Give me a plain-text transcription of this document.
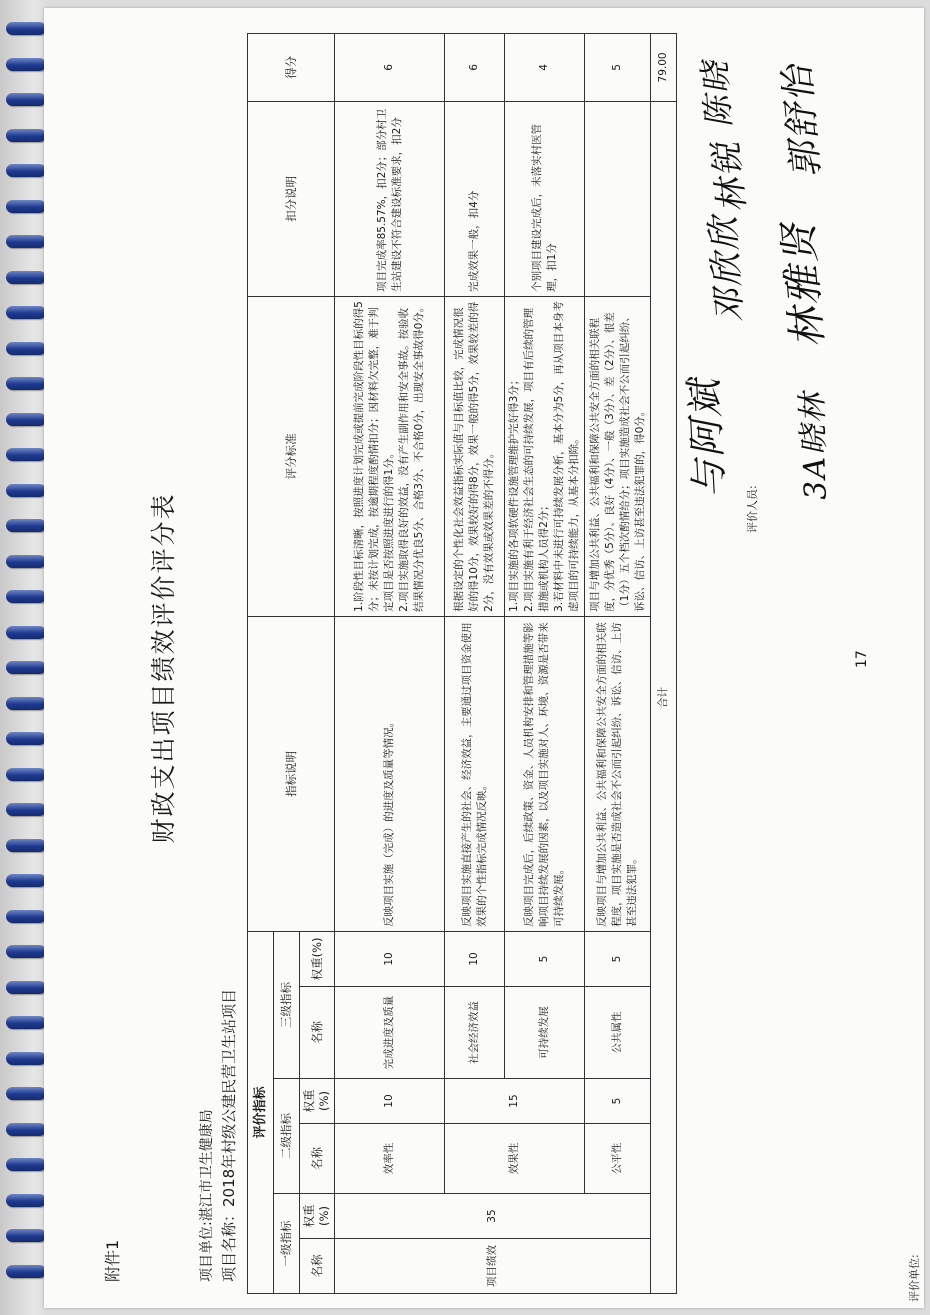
附件1
财政支出项目绩效评价评分表
项目单位:湛江市卫生健康局 项目名称：2018年村级公建民营卫生站项目 评价指标						指标说明	评分标准	扣分说明	得分
一级指标		二级指标		三级指标					
名称	权重(%)	名称	权重(%)	名称	权重(%)				
项目绩效	35	效率性	10	完成进度及质量	10	反映项目实施（完成）的进度及质量等情况。	1.阶段性目标清晰，按照进度计划完成或提前完成阶段性目标的得5分；未按计划完成，按逾期程度酌情扣分；因材料欠完整，难于判定项目是否按照进度进行的得1分。
2.项目实施取得良好的效益，没有产生副作用和安全事故。按验收结果情况分优良5分、合格3分、不合格0分，出现安全事故得0分。	项目完成率85.57%，扣2分；部分村卫生站建设不符合建设标准要求，扣2分	6
		效果性	15	社会经济效益	10	反映项目实施直接产生的社会、经济效益，主要通过项目资金使用效果的个性指标完成情况反映。	根据设定的个性化社会效益指标实际值与目标值比较，完成情况很好的得10分，效果较好的得8分，效果一般的得5分，效果较差的得2分，没有效果或效果差的不得分。	完成效果一般，扣4分	6
				可持续发展	5	反映项目完成后，后续政策、资金、人员机构安排和管理措施等影响项目持续发展的因素，以及项目实施对人、环境、资源是否带来可持续发展。	1.项目实施的各项软硬件设施管理维护完好得3分；
2.项目实施有利于经济社会生态的可持续发展，项目有后续的管理措施或机构人员得2分；
3.若材料中未进行可持续发展分析，基本分为5分，再从项目本身考虑项目的可持续能力，从基本分扣除。	个别项目建设完成后，未落实村医管理，扣1分	4
		公平性	5	公共属性	5	反映项目与增加公共利益、公共福利和保障公共安全方面的相关联程度，项目实施是否造成社会不公而引起纠纷、诉讼、信访、上访甚至违法犯罪。	项目与增加公共利益、公共福利和保障公共安全方面的相关联程度，分优秀（5分）、良好（4分）、一般（3分）、差（2分）、很差（1分）五个档次酌情给分；项目实施造成社会不公而引起纠纷、诉讼、信访、上访甚至违法犯罪的，得0分。		5
合计									79.00
17
评价单位:
评价人员:
与阿斌
邓欣欣
林锐
陈晓
3A晓林
林雅贤
郭舒怡
